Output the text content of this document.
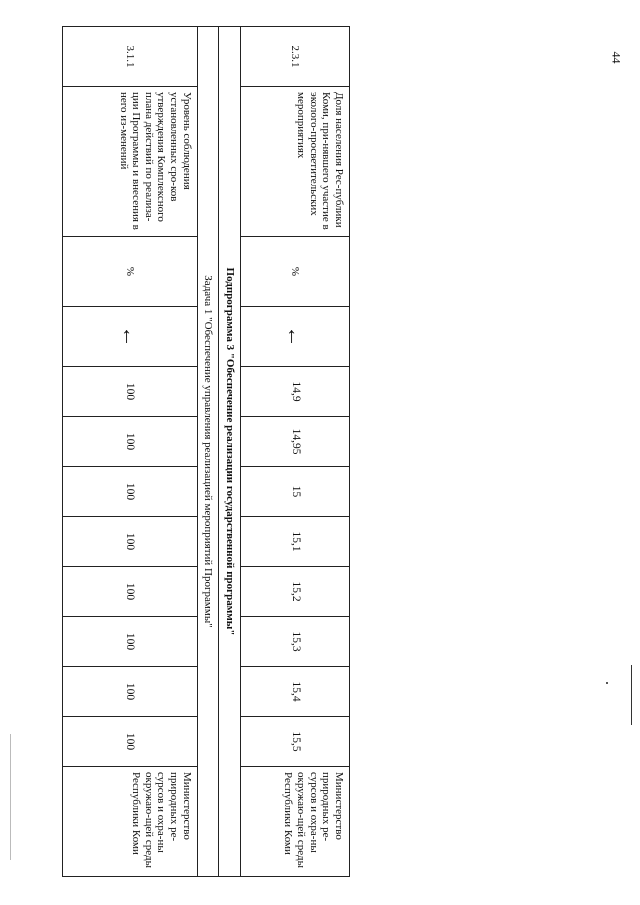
44
2.3.1	Доля населения Рес-публики Коми, при-нявшего участие в эколого-просветительских мероприятиях	%	←	14,9	14,95	15	15,1	15,2	15,3	15,4	15,5	Министерство природных ре-сурсов и охра-ны окружаю-щей среды Республики Коми
Подпрограмма 3 "Обеспечение реализации государственной программы"												
Задача 1 "Обеспечение управления реализацией мероприятий Программы"												
3.1.1	Уровень соблюдения установленных сро-ков утверждения Комплексного плана действий по реализа-ции Программы и внесения в него из-менений	%	←	100	100	100	100	100	100	100	100	Министерство природных ре-сурсов и охра-ны окружаю-щей среды Республики Коми
